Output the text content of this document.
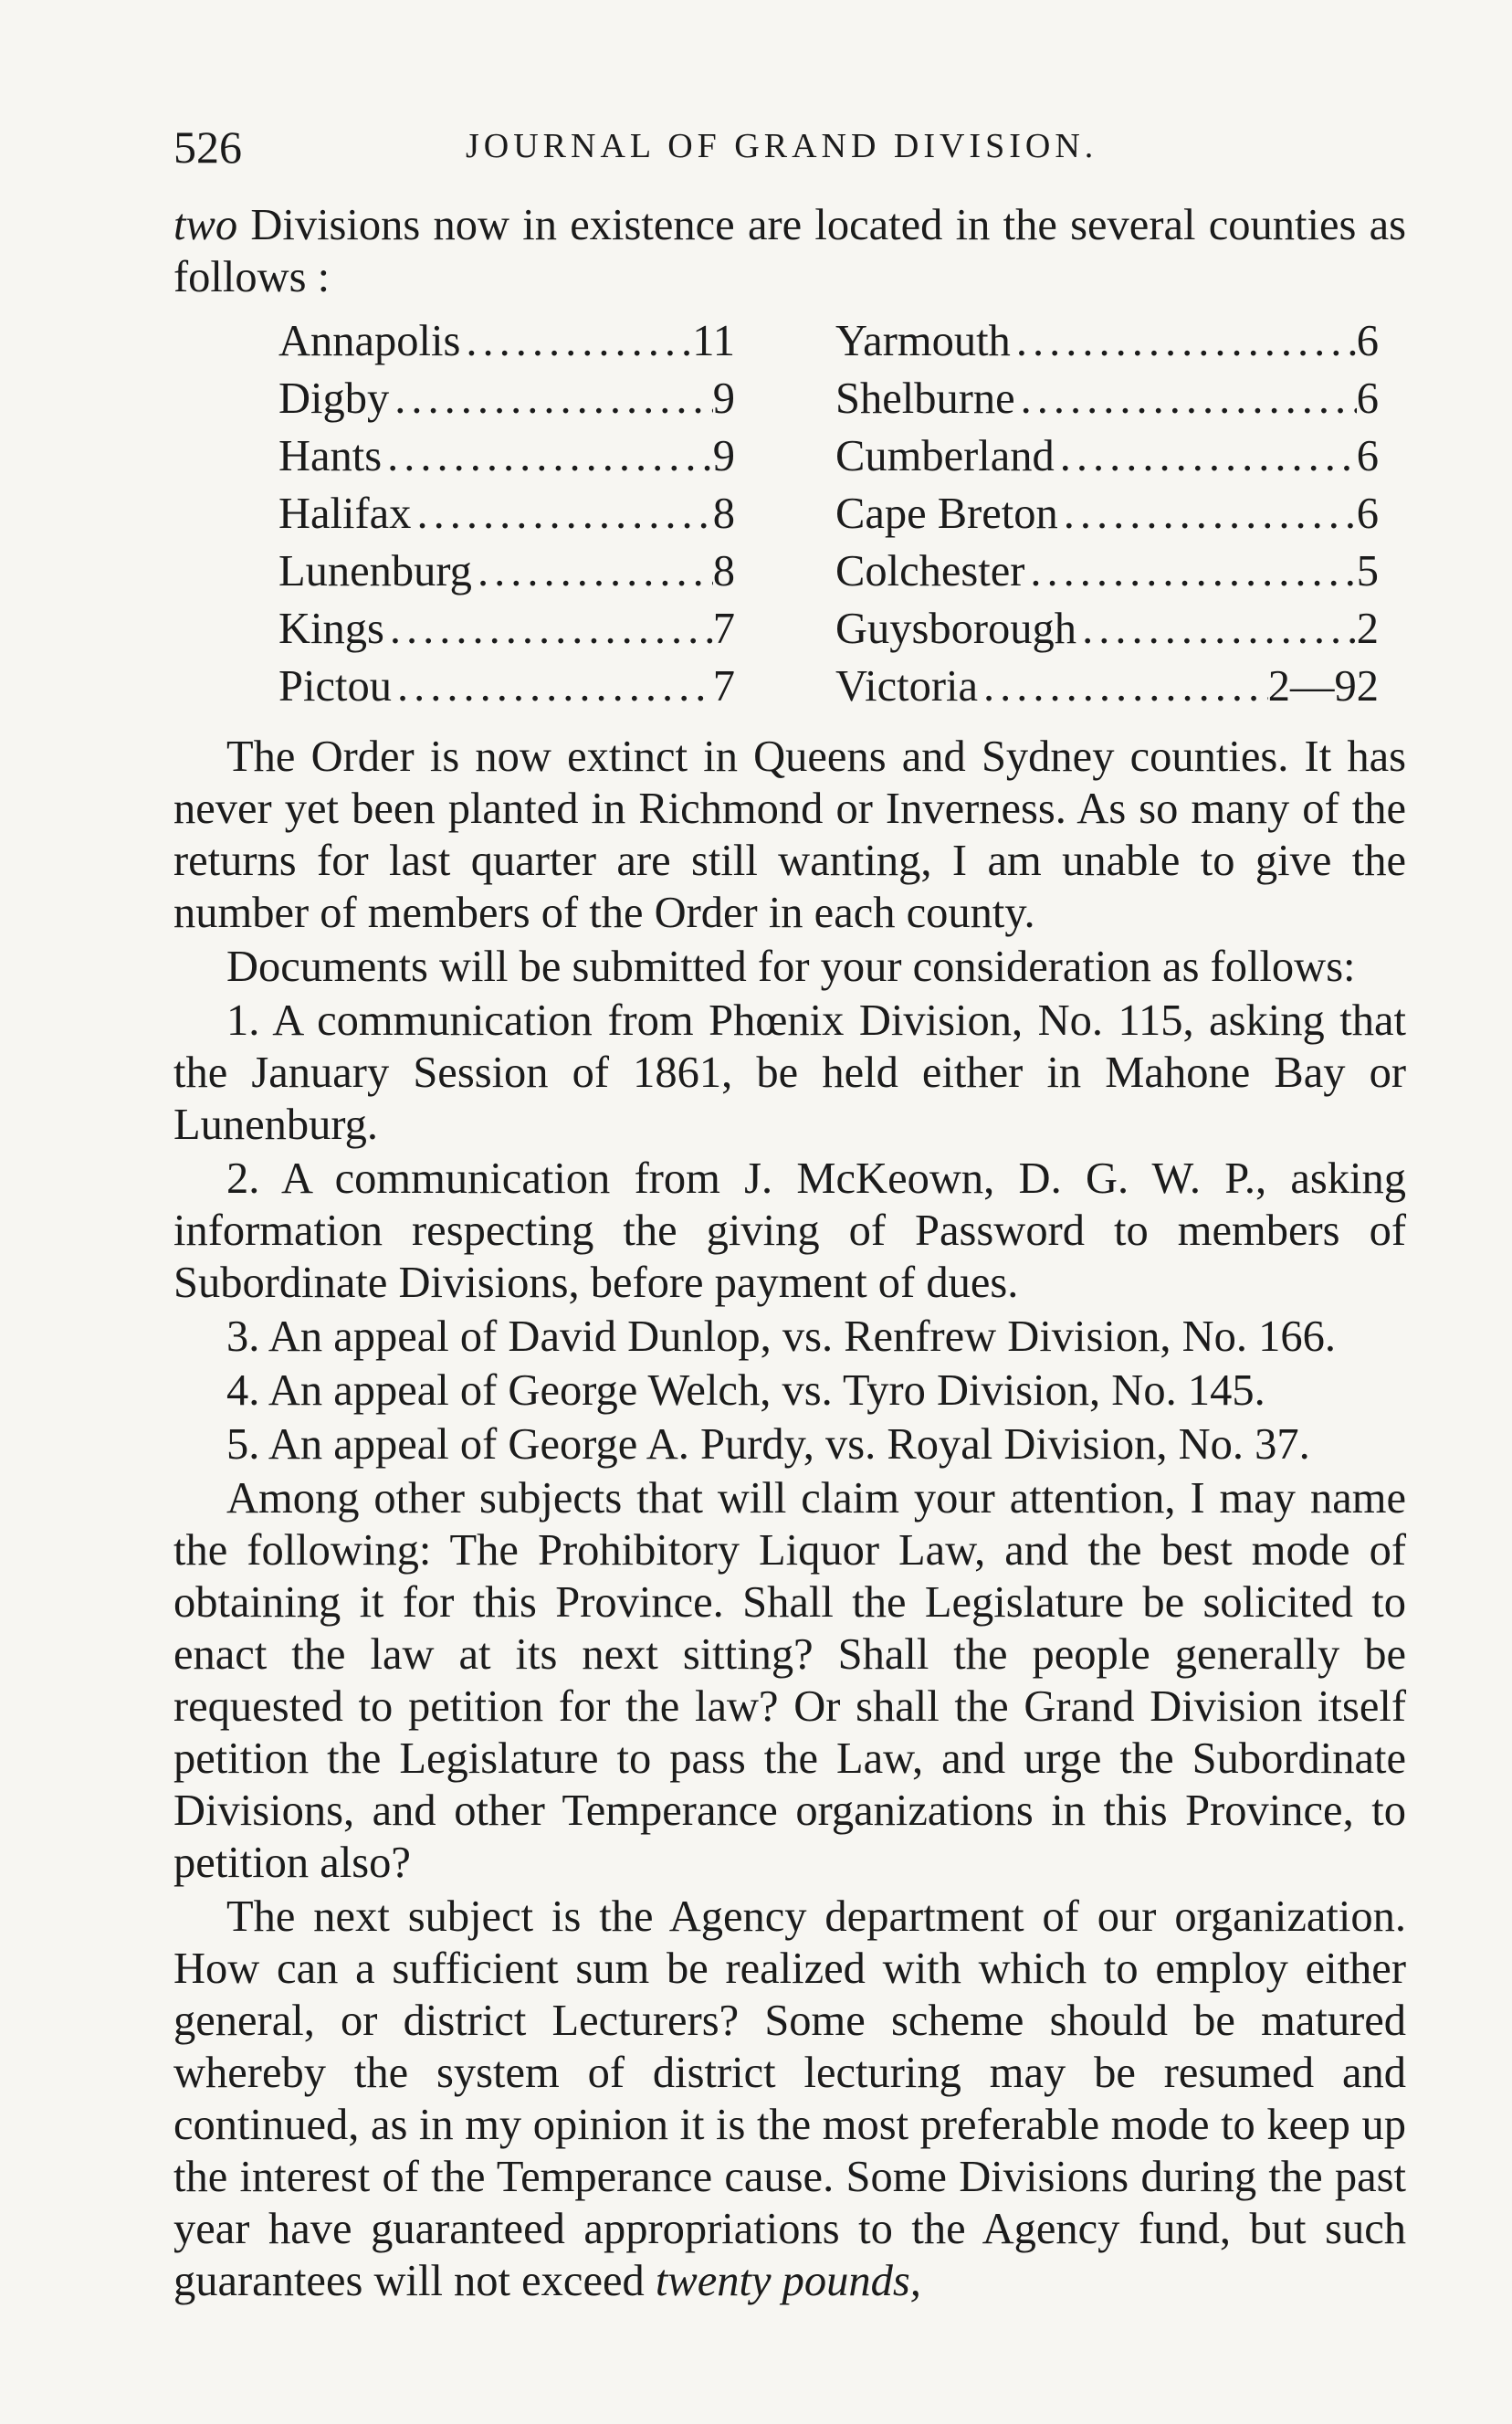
526	JOURNAL OF GRAND DIVISION.

two Divisions now in existence are located in the several counties as follows :

Annapolis .....	11
Digby .....	9
Hants .....	9
Halifax .....	8
Lunenburg .....	8
Kings .....	7
Pictou .....	7
Yarmouth .....	6
Shelburne .....	6
Cumberland .....	6
Cape Breton .....	6
Colchester .....	5
Guysborough .....	2
Victoria .....	2 —92

The Order is now extinct in Queens and Sydney counties. It has never yet been planted in Richmond or Inverness. As so many of the returns for last quarter are still wanting, I am unable to give the number of members of the Order in each county.

Documents will be submitted for your consideration as follows:

1. A communication from Phœnix Division, No. 115, asking that the January Session of 1861, be held either in Mahone Bay or Lunenburg.

2. A communication from J. McKeown, D. G. W. P., asking information respecting the giving of Password to members of Subordinate Divisions, before payment of dues.

3. An appeal of David Dunlop, vs. Renfrew Division, No. 166.

4. An appeal of George Welch, vs. Tyro Division, No. 145.

5. An appeal of George A. Purdy, vs. Royal Division, No. 37.

Among other subjects that will claim your attention, I may name the following: The Prohibitory Liquor Law, and the best mode of obtaining it for this Province. Shall the Legislature be solicited to enact the law at its next sitting? Shall the people generally be requested to petition for the law? Or shall the Grand Division itself petition the Legislature to pass the Law, and urge the Subordinate Divisions, and other Temperance organizations in this Province, to petition also?

The next subject is the Agency department of our organization. How can a sufficient sum be realized with which to employ either general, or district Lecturers? Some scheme should be matured whereby the system of district lecturing may be resumed and continued, as in my opinion it is the most preferable mode to keep up the interest of the Temperance cause. Some Divisions during the past year have guaranteed appropriations to the Agency fund, but such guarantees will not exceed twenty pounds,
